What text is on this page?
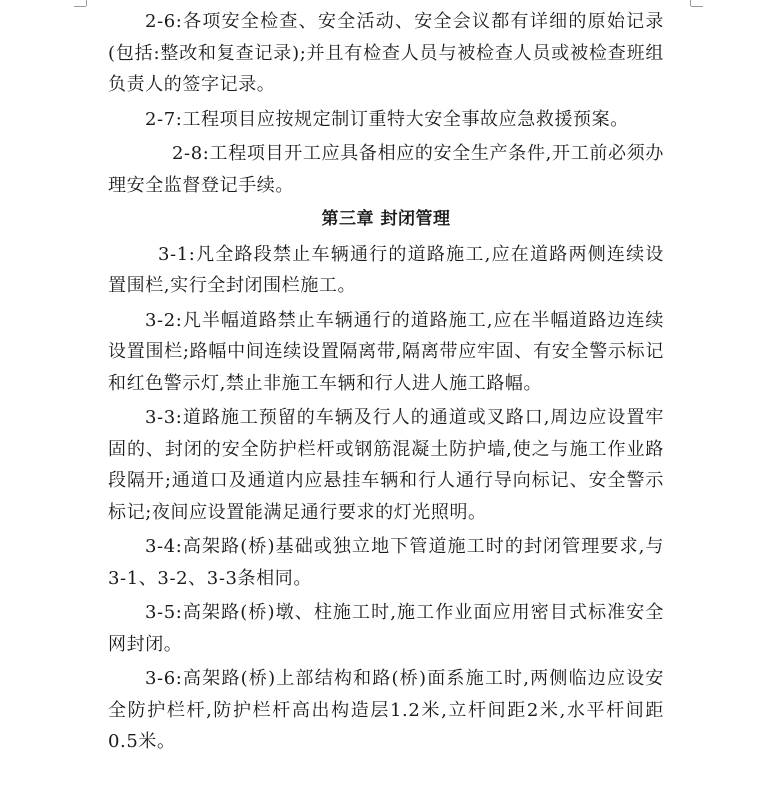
2-6:各项安全检查、安全活动、安全会议都有详细的原始记录(包括:整改和复查记录);并且有检查人员与被检查人员或被检查班组负责人的签字记录。

2-7:工程项目应按规定制订重特大安全事故应急救援预案。

2-8:工程项目开工应具备相应的安全生产条件,开工前必须办理安全监督登记手续。

第三章 封闭管理

3-1:凡全路段禁止车辆通行的道路施工,应在道路两侧连续设置围栏,实行全封闭围栏施工。

3-2:凡半幅道路禁止车辆通行的道路施工,应在半幅道路边连续设置围栏;路幅中间连续设置隔离带,隔离带应牢固、有安全警示标记和红色警示灯,禁止非施工车辆和行人进人施工路幅。

3-3:道路施工预留的车辆及行人的通道或叉路口,周边应设置牢固的、封闭的安全防护栏杆或钢筋混凝土防护墙,使之与施工作业路段隔开;通道口及通道内应悬挂车辆和行人通行导向标记、安全警示标记;夜间应设置能满足通行要求的灯光照明。

3-4:高架路(桥)基础或独立地下管道施工时的封闭管理要求,与3-1、3-2、3-3条相同。

3-5:高架路(桥)墩、柱施工时,施工作业面应用密目式标准安全网封闭。

3-6:高架路(桥)上部结构和路(桥)面系施工时,两侧临边应设安全防护栏杆,防护栏杆高出构造层1.2米,立杆间距2米,水平杆间距0.5米。
